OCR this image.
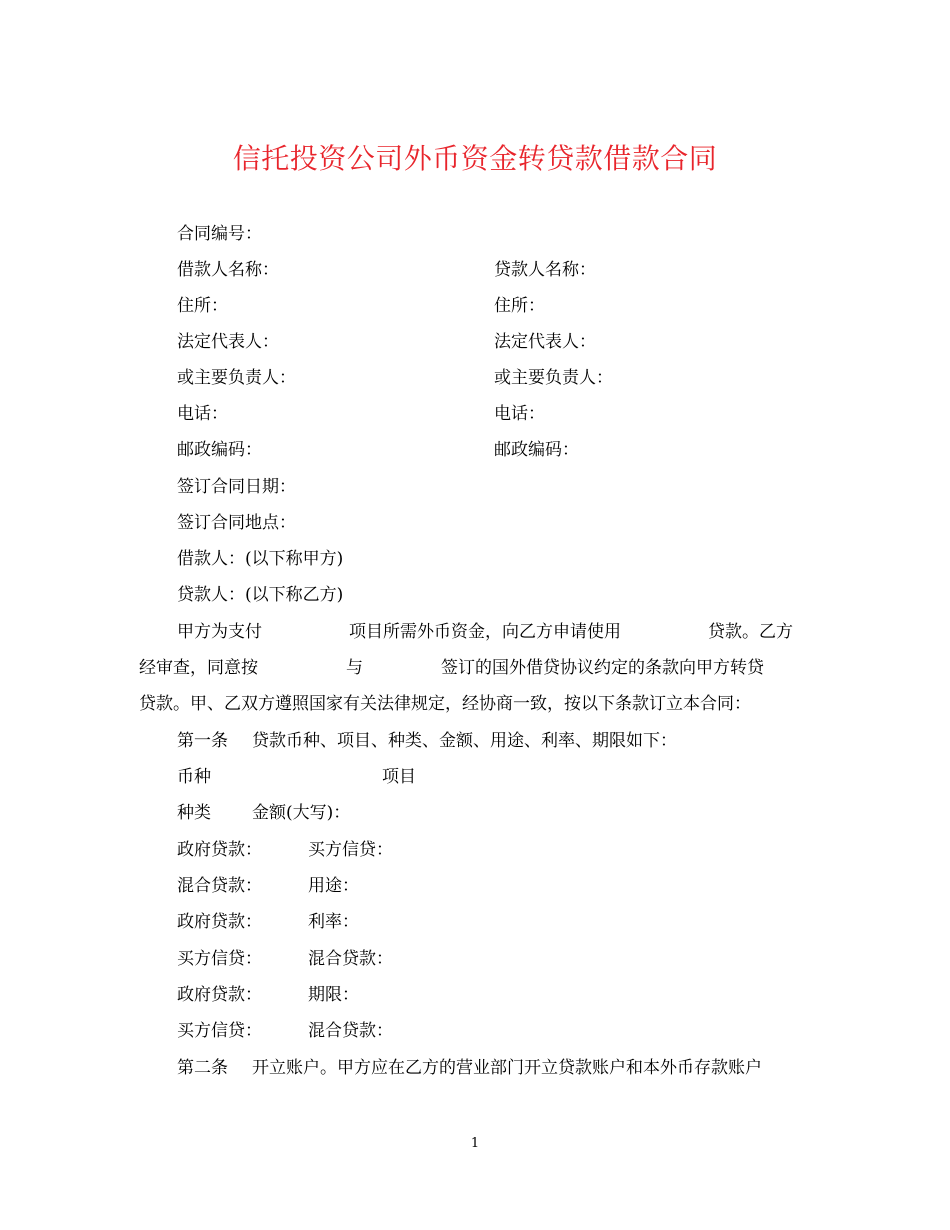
信托投资公司外币资金转贷款借款合同
合同编号：
借款人名称：	贷款人名称：
住所：	住所：
法定代表人：	法定代表人：
或主要负责人：	或主要负责人：
电话：	电话：
邮政编码：	邮政编码：
签订合同日期：
签订合同地点：
借款人：(以下称甲方)
贷款人：(以下称乙方)
甲方为支付	项目所需外币资金，向乙方申请使用	贷款。乙方
经审查，同意按	与	签订的国外借贷协议约定的条款向甲方转贷
贷款。甲、乙双方遵照国家有关法律规定，经协商一致，按以下条款订立本合同：
第一条 贷款币种、项目、种类、金额、用途、利率、期限如下：
币种	项目
种类 金额(大写)：
政府贷款：	买方信贷：
混合贷款：	用途：
政府贷款：	利率：
买方信贷：	混合贷款：
政府贷款：	期限：
买方信贷：	混合贷款：
第二条 开立账户。甲方应在乙方的营业部门开立贷款账户和本外币存款账户
1
